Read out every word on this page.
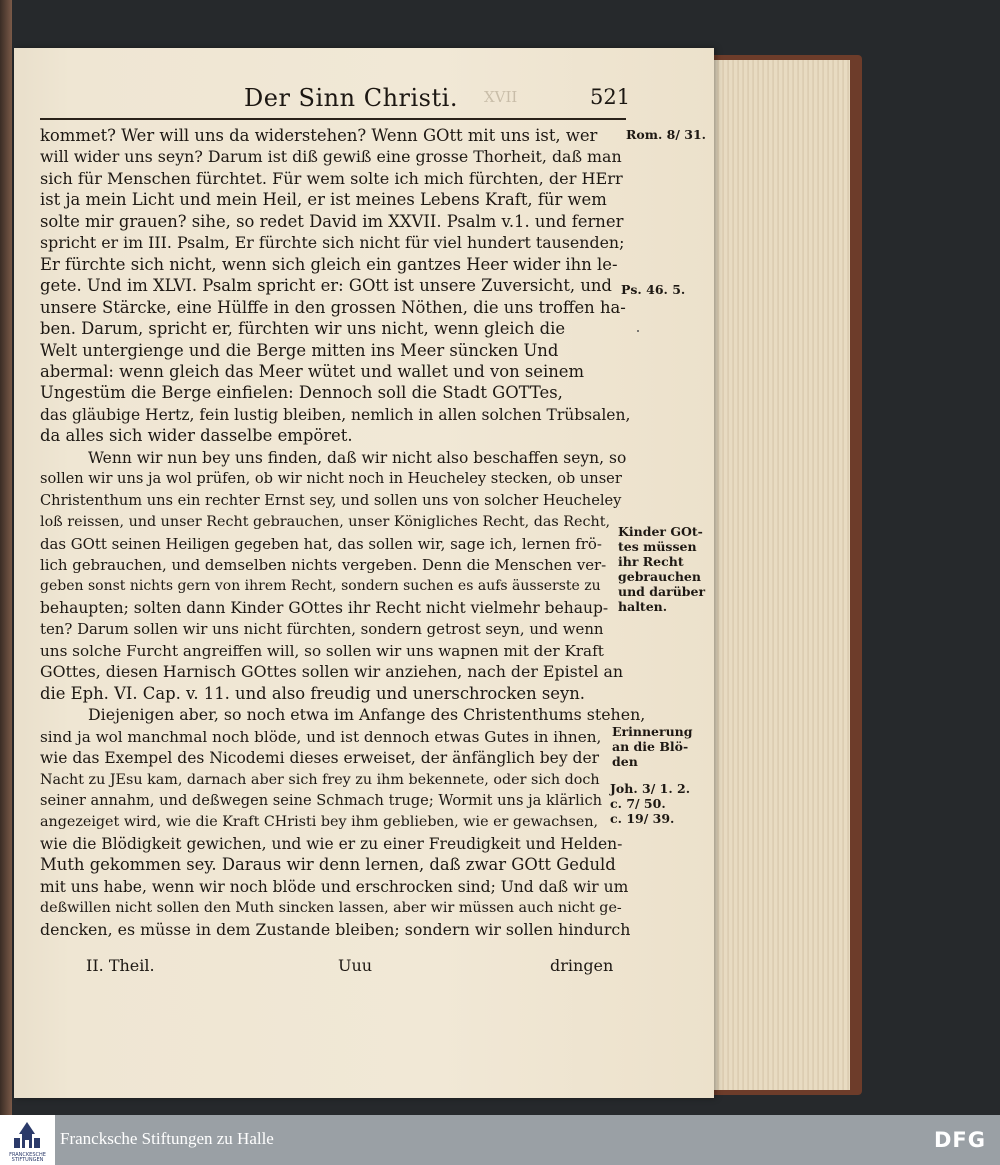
XVII
Der Sinn Christi.	521
kommet? Wer will uns da widerstehen? Wenn GOtt mit uns ist, wer
will wider uns seyn? Darum ist diß gewiß eine grosse Thorheit, daß man
sich für Menschen fürchtet. Für wem solte ich mich fürchten, der HErr
ist ja mein Licht und mein Heil, er ist meines Lebens Kraft, für wem
solte mir grauen? sihe, so redet David im XXVII. Psalm v.1. und ferner
spricht er im III. Psalm, Er fürchte sich nicht für viel hundert tausenden;
Er fürchte sich nicht, wenn sich gleich ein gantzes Heer wider ihn le-
gete. Und im XLVI. Psalm spricht er: GOtt ist unsere Zuversicht, und
unsere Stärcke, eine Hülffe in den grossen Nöthen, die uns troffen ha-
ben. Darum, spricht er, fürchten wir uns nicht, wenn gleich die
Welt untergienge und die Berge mitten ins Meer süncken Und
abermal: wenn gleich das Meer wütet und wallet und von seinem
Ungestüm die Berge einfielen: Dennoch soll die Stadt GOTTes,
das gläubige Hertz, fein lustig bleiben, nemlich in allen solchen Trübsalen,
da alles sich wider dasselbe empöret.
Wenn wir nun bey uns finden, daß wir nicht also beschaffen seyn, so
sollen wir uns ja wol prüfen, ob wir nicht noch in Heucheley stecken, ob unser
Christenthum uns ein rechter Ernst sey, und sollen uns von solcher Heucheley
loß reissen, und unser Recht gebrauchen, unser Königliches Recht, das Recht,
das GOtt seinen Heiligen gegeben hat, das sollen wir, sage ich, lernen frö-
lich gebrauchen, und demselben nichts vergeben. Denn die Menschen ver-
geben sonst nichts gern von ihrem Recht, sondern suchen es aufs äusserste zu
behaupten; solten dann Kinder GOttes ihr Recht nicht vielmehr behaup-
ten? Darum sollen wir uns nicht fürchten, sondern getrost seyn, und wenn
uns solche Furcht angreiffen will, so sollen wir uns wapnen mit der Kraft
GOttes, diesen Harnisch GOttes sollen wir anziehen, nach der Epistel an
die Eph. VI. Cap. v. 11. und also freudig und unerschrocken seyn.
Diejenigen aber, so noch etwa im Anfange des Christenthums stehen,
sind ja wol manchmal noch blöde, und ist dennoch etwas Gutes in ihnen,
wie das Exempel des Nicodemi dieses erweiset, der änfänglich bey der
Nacht zu JEsu kam, darnach aber sich frey zu ihm bekennete, oder sich doch
seiner annahm, und deßwegen seine Schmach truge; Wormit uns ja klärlich
angezeiget wird, wie die Kraft CHristi bey ihm geblieben, wie er gewachsen,
wie die Blödigkeit gewichen, und wie er zu einer Freudigkeit und Helden-
Muth gekommen sey. Daraus wir denn lernen, daß zwar GOtt Geduld
mit uns habe, wenn wir noch blöde und erschrocken sind; Und daß wir um
deßwillen nicht sollen den Muth sincken lassen, aber wir müssen auch nicht ge-
dencken, es müsse in dem Zustande bleiben; sondern wir sollen hindurch
Rom. 8/ 31.
Ps. 46. 5.
Kinder GOt-
tes müssen
ihr Recht
gebrauchen
und darüber
halten.
Erinnerung
an die Blö-
den
Joh. 3/ 1. 2.
c. 7/ 50.
c. 19/ 39.
II. Theil.	Uuu	dringen
FRANCKESCHE STIFTUNGEN
Francksche Stiftungen zu Halle	DFG
